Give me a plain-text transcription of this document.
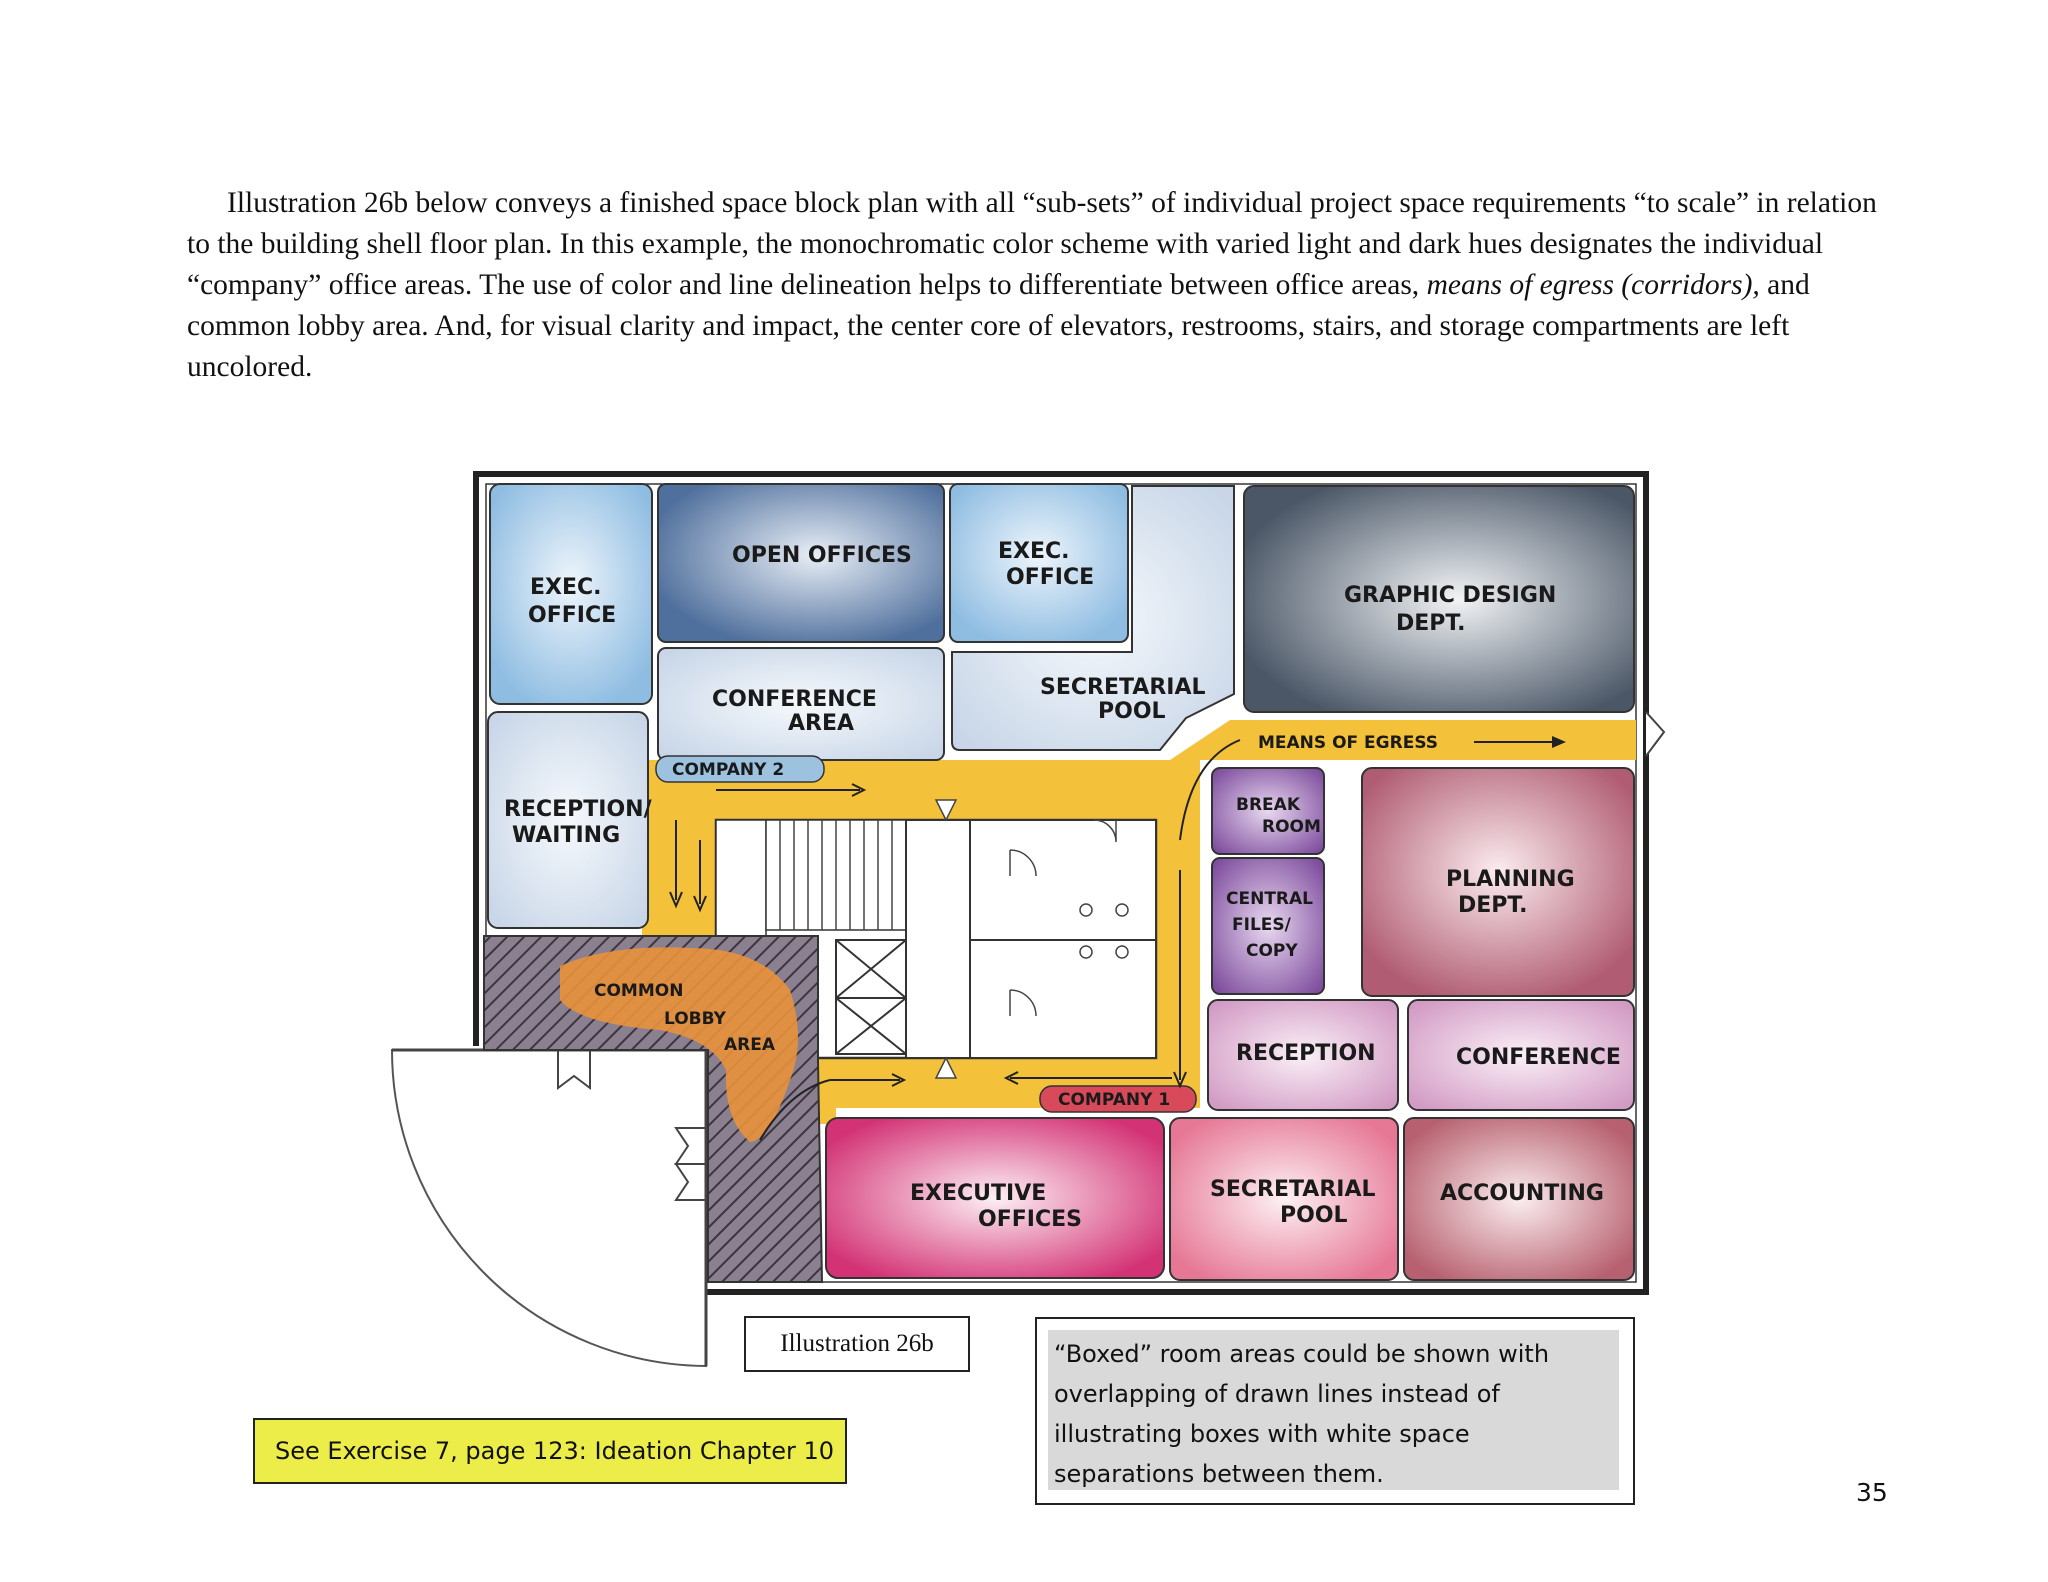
Illustration 26b below conveys a finished space block plan with all “sub-sets” of individual project space requirements “to scale” in relation to the building shell floor plan. In this example, the monochromatic color scheme with varied light and dark hues designates the individual “company” office areas. The use of color and line delineation helps to differentiate between office areas, means of egress (corridors), and common lobby area. And, for visual clarity and impact, the center core of elevators, restrooms, stairs, and storage compartments are left uncolored.
EXEC.
OFFICE
OPEN OFFICES	EXEC.
OFFICE
GRAPHIC DESIGN
DEPT.
CONFERENCE
AREA
SECRETARIAL
POOL
RECEPTION/
WAITING
BREAK
ROOM
CENTRAL
FILES/
COPY
PLANNING
DEPT.
COMMON
LOBBY
AREA	RECEPTION	CONFERENCE
EXECUTIVE
OFFICES
SECRETARIAL
POOL
ACCOUNTING
COMPANY 2
COMPANY 1
MEANS OF EGRESS
Illustration 26b	“Boxed” room areas could be shown with overlapping of drawn lines instead of illustrating boxes with white space separations between them.
See Exercise 7, page 123: Ideation Chapter 10
35
